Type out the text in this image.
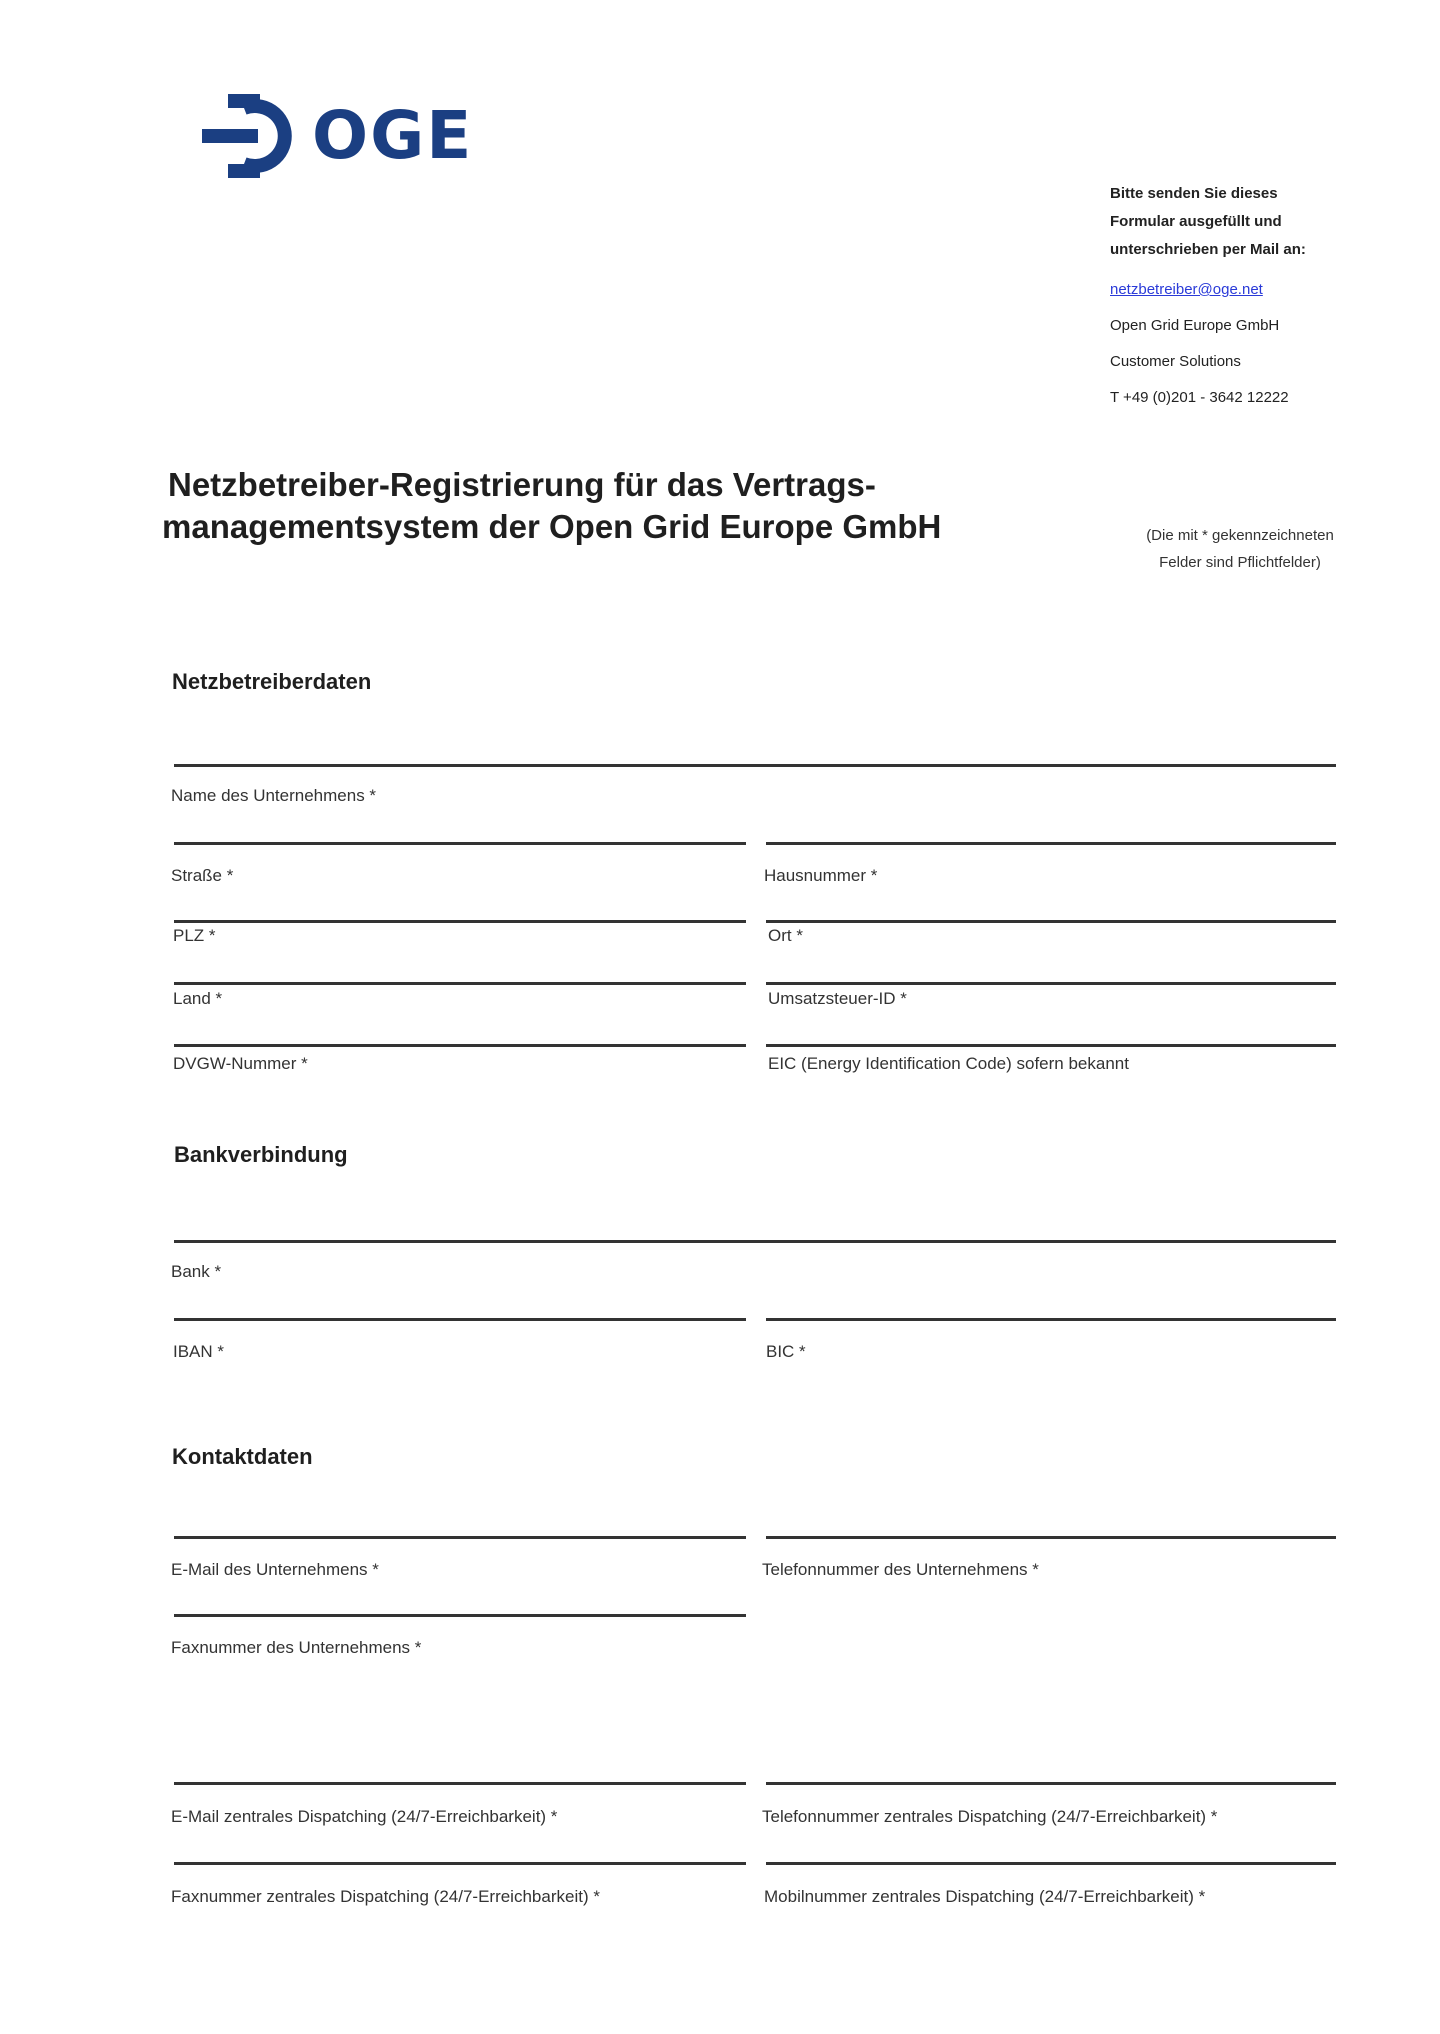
OGE
Bitte senden Sie dieses
Formular ausgefüllt und
unterschrieben per Mail an:
netzbetreiber@oge.net
Open Grid Europe GmbH
Customer Solutions
T +49 (0)201 - 3642 12222
Netzbetreiber-Registrierung für das Vertrags-
managementsystem der Open Grid Europe GmbH	(Die mit * gekennzeichneten
Felder sind Pflichtfelder)
Netzbetreiberdaten
Name des Unternehmens *
Straße *	Hausnummer *
PLZ *	Ort *
Land *	Umsatzsteuer-ID *
DVGW-Nummer *	EIC (Energy Identification Code) sofern bekannt
Bankverbindung
Bank *
IBAN *	BIC *
Kontaktdaten
E-Mail des Unternehmens *	Telefonnummer des Unternehmens *
Faxnummer des Unternehmens *
E-Mail zentrales Dispatching (24/7-Erreichbarkeit) *	Telefonnummer zentrales Dispatching (24/7-Erreichbarkeit) *
Faxnummer zentrales Dispatching (24/7-Erreichbarkeit) *	Mobilnummer zentrales Dispatching (24/7-Erreichbarkeit) *
